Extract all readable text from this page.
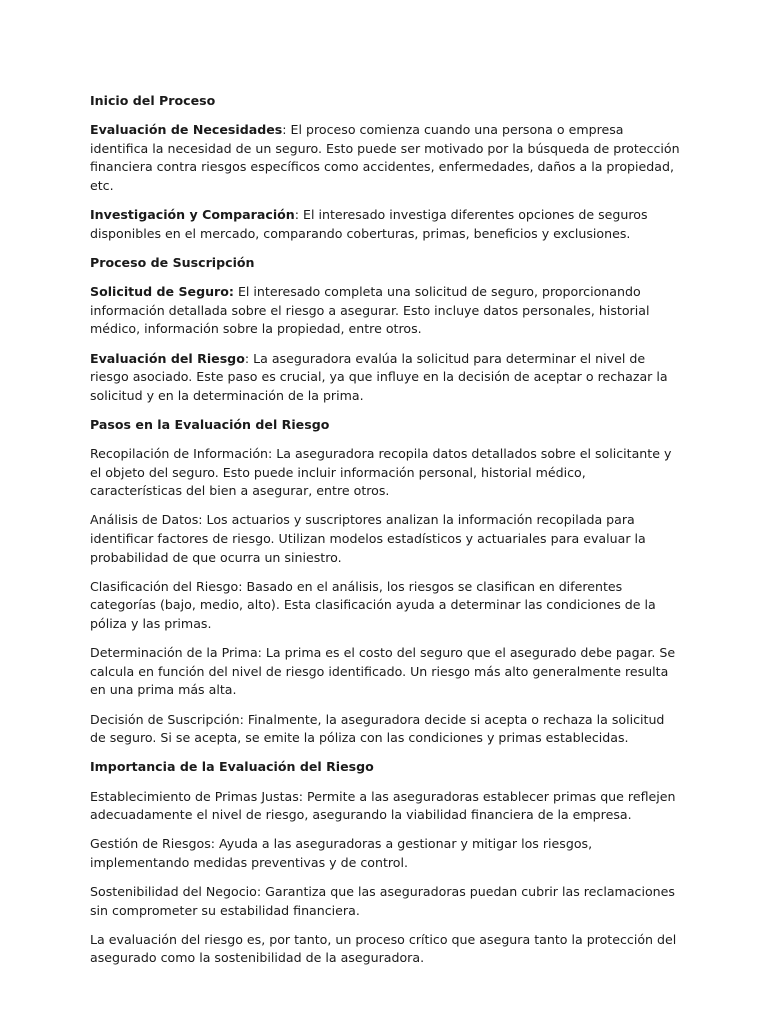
Inicio del Proceso
Evaluación de Necesidades: El proceso comienza cuando una persona o empresa identifica la necesidad de un seguro. Esto puede ser motivado por la búsqueda de protección financiera contra riesgos específicos como accidentes, enfermedades, daños a la propiedad, etc.
Investigación y Comparación: El interesado investiga diferentes opciones de seguros disponibles en el mercado, comparando coberturas, primas, beneficios y exclusiones.
Proceso de Suscripción
Solicitud de Seguro: El interesado completa una solicitud de seguro, proporcionando información detallada sobre el riesgo a asegurar. Esto incluye datos personales, historial médico, información sobre la propiedad, entre otros.
Evaluación del Riesgo: La aseguradora evalúa la solicitud para determinar el nivel de riesgo asociado. Este paso es crucial, ya que influye en la decisión de aceptar o rechazar la solicitud y en la determinación de la prima.
Pasos en la Evaluación del Riesgo
Recopilación de Información: La aseguradora recopila datos detallados sobre el solicitante y el objeto del seguro. Esto puede incluir información personal, historial médico, características del bien a asegurar, entre otros.
Análisis de Datos: Los actuarios y suscriptores analizan la información recopilada para identificar factores de riesgo. Utilizan modelos estadísticos y actuariales para evaluar la probabilidad de que ocurra un siniestro.
Clasificación del Riesgo: Basado en el análisis, los riesgos se clasifican en diferentes categorías (bajo, medio, alto). Esta clasificación ayuda a determinar las condiciones de la póliza y las primas.
Determinación de la Prima: La prima es el costo del seguro que el asegurado debe pagar. Se calcula en función del nivel de riesgo identificado. Un riesgo más alto generalmente resulta en una prima más alta.
Decisión de Suscripción: Finalmente, la aseguradora decide si acepta o rechaza la solicitud de seguro. Si se acepta, se emite la póliza con las condiciones y primas establecidas.
Importancia de la Evaluación del Riesgo
Establecimiento de Primas Justas: Permite a las aseguradoras establecer primas que reflejen adecuadamente el nivel de riesgo, asegurando la viabilidad financiera de la empresa.
Gestión de Riesgos: Ayuda a las aseguradoras a gestionar y mitigar los riesgos, implementando medidas preventivas y de control.
Sostenibilidad del Negocio: Garantiza que las aseguradoras puedan cubrir las reclamaciones sin comprometer su estabilidad financiera.
La evaluación del riesgo es, por tanto, un proceso crítico que asegura tanto la protección del asegurado como la sostenibilidad de la aseguradora.
